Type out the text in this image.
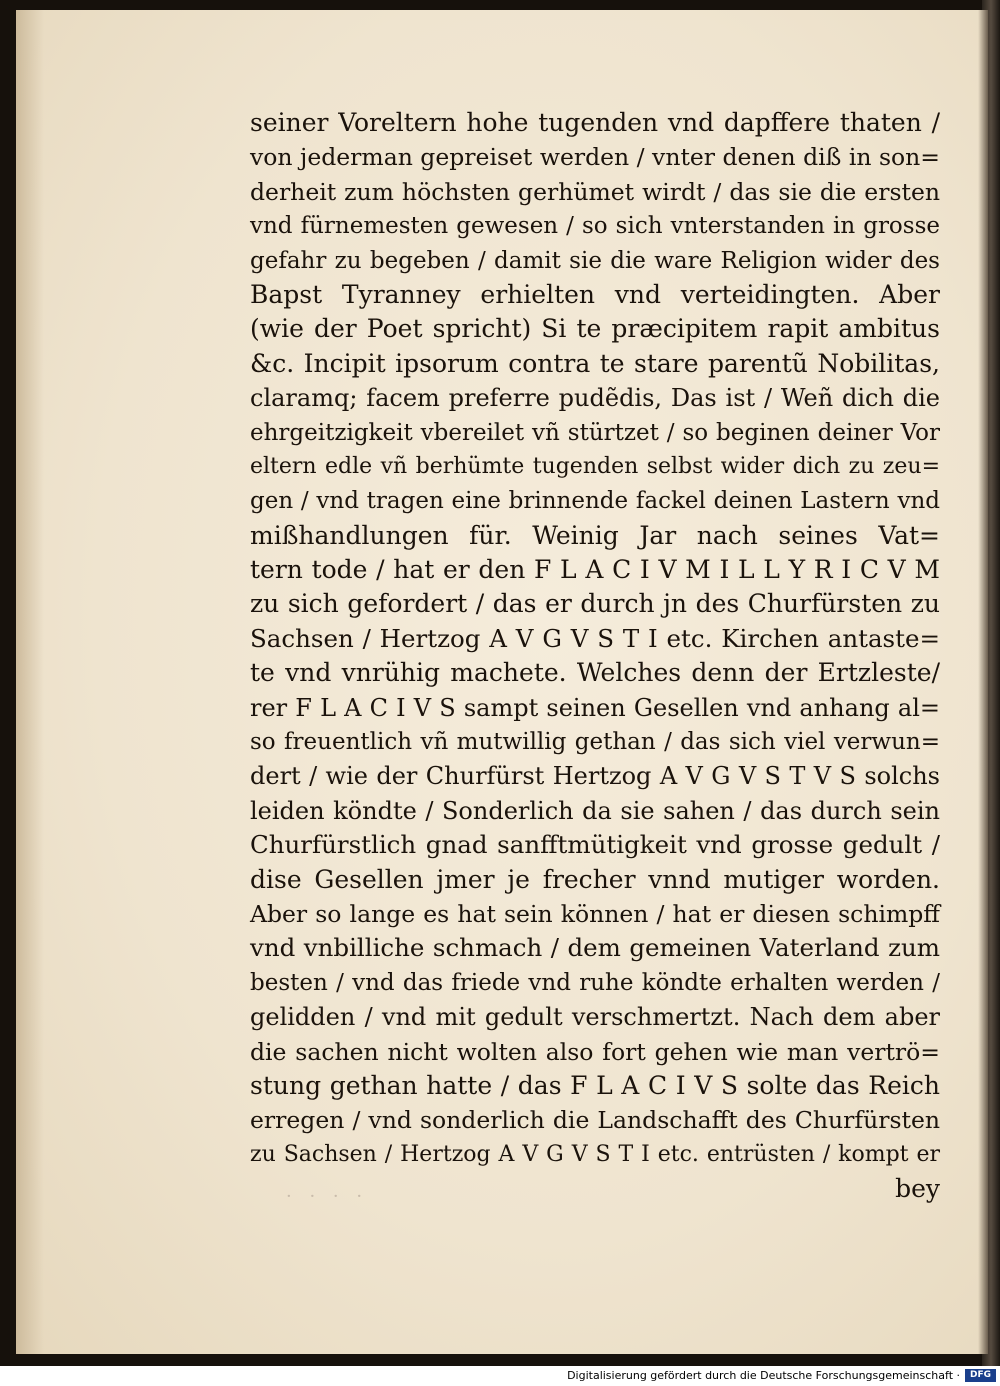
seiner Voreltern hohe tugenden vnd dapffere thaten /
von jederman gepreiset werden / vnter denen diß in son=
derheit zum höchsten gerhümet wirdt / das sie die ersten
vnd fürnemesten gewesen / so sich vnterstanden in grosse
gefahr zu begeben / damit sie die ware Religion wider des
Bapst Tyranney erhielten vnd verteidingten. Aber
(wie der Poet spricht) Si te præcipitem rapit ambitus
&c. Incipit ipsorum contra te stare parentũ Nobilitas,
claramq; facem preferre pudẽdis, Das ist / Weñ dich die
ehrgeitzigkeit vbereilet vñ stürtzet / so beginen deiner Vor
eltern edle vñ berhümte tugenden selbst wider dich zu zeu=
gen / vnd tragen eine brinnende fackel deinen Lastern vnd
mißhandlungen für. Weinig Jar nach seines Vat=
tern tode / hat er den F L A C I V M I L L Y R I C V M
zu sich gefordert / das er durch jn des Churfürsten zu
Sachsen / Hertzog A V G V S T I etc. Kirchen antaste=
te vnd vnrühig machete. Welches denn der Ertzleste/
rer F L A C I V S sampt seinen Gesellen vnd anhang al=
so freuentlich vñ mutwillig gethan / das sich viel verwun=
dert / wie der Churfürst Hertzog A V G V S T V S solchs
leiden köndte / Sonderlich da sie sahen / das durch sein
Churfürstlich gnad sanfftmütigkeit vnd grosse gedult /
dise Gesellen jmer je frecher vnnd mutiger worden.
Aber so lange es hat sein können / hat er diesen schimpff
vnd vnbilliche schmach / dem gemeinen Vaterland zum
besten / vnd das friede vnd ruhe köndte erhalten werden /
gelidden / vnd mit gedult verschmertzt. Nach dem aber
die sachen nicht wolten also fort gehen wie man vertrö=
stung gethan hatte / das F L A C I V S solte das Reich
erregen / vnd sonderlich die Landschafft des Churfürsten
zu Sachsen / Hertzog A V G V S T I etc. entrüsten / kompt er
bey
· · · ·
Digitalisierung gefördert durch die Deutsche Forschungsgemeinschaft ·	DFG
